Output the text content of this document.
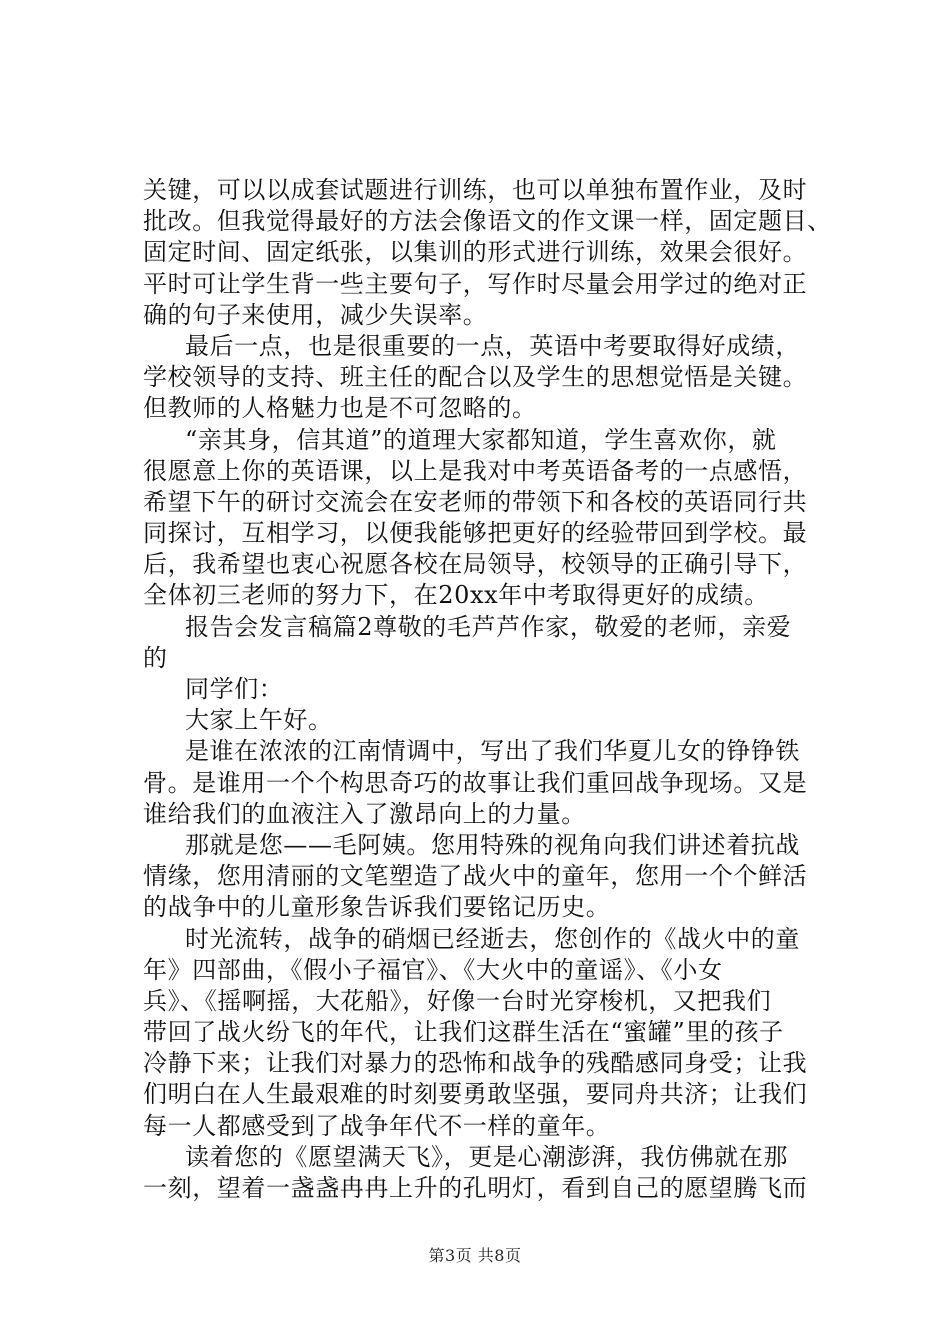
关键，可以以成套试题进行训练，也可以单独布置作业，及时
批改。但我觉得最好的方法会像语文的作文课一样，固定题目、
固定时间、固定纸张，以集训的形式进行训练，效果会很好。
平时可让学生背一些主要句子，写作时尽量会用学过的绝对正
确的句子来使用，减少失误率。
最后一点，也是很重要的一点，英语中考要取得好成绩，
学校领导的支持、班主任的配合以及学生的思想觉悟是关键。
但教师的人格魅力也是不可忽略的。
“亲其身，信其道”的道理大家都知道，学生喜欢你，就
很愿意上你的英语课，以上是我对中考英语备考的一点感悟，
希望下午的研讨交流会在安老师的带领下和各校的英语同行共
同探讨，互相学习，以便我能够把更好的经验带回到学校。最
后，我希望也衷心祝愿各校在局领导，校领导的正确引导下，
全体初三老师的努力下，在20xx年中考取得更好的成绩。
报告会发言稿篇2尊敬的毛芦芦作家，敬爱的老师，亲爱
的
同学们：
大家上午好。
是谁在浓浓的江南情调中，写出了我们华夏儿女的铮铮铁
骨。是谁用一个个构思奇巧的故事让我们重回战争现场。又是
谁给我们的血液注入了激昂向上的力量。
那就是您——毛阿姨。您用特殊的视角向我们讲述着抗战
情缘，您用清丽的文笔塑造了战火中的童年，您用一个个鲜活
的战争中的儿童形象告诉我们要铭记历史。
时光流转，战争的硝烟已经逝去，您创作的《战火中的童
年》四部曲，《假小子福官》、《大火中的童谣》、《小女
兵》、《摇啊摇，大花船》，好像一台时光穿梭机，又把我们
带回了战火纷飞的年代，让我们这群生活在“蜜罐”里的孩子
冷静下来；让我们对暴力的恐怖和战争的残酷感同身受；让我
们明白在人生最艰难的时刻要勇敢坚强，要同舟共济；让我们
每一人都感受到了战争年代不一样的童年。
读着您的《愿望满天飞》，更是心潮澎湃，我仿佛就在那
一刻，望着一盏盏冉冉上升的孔明灯，看到自己的愿望腾飞而
第3页 共8页
